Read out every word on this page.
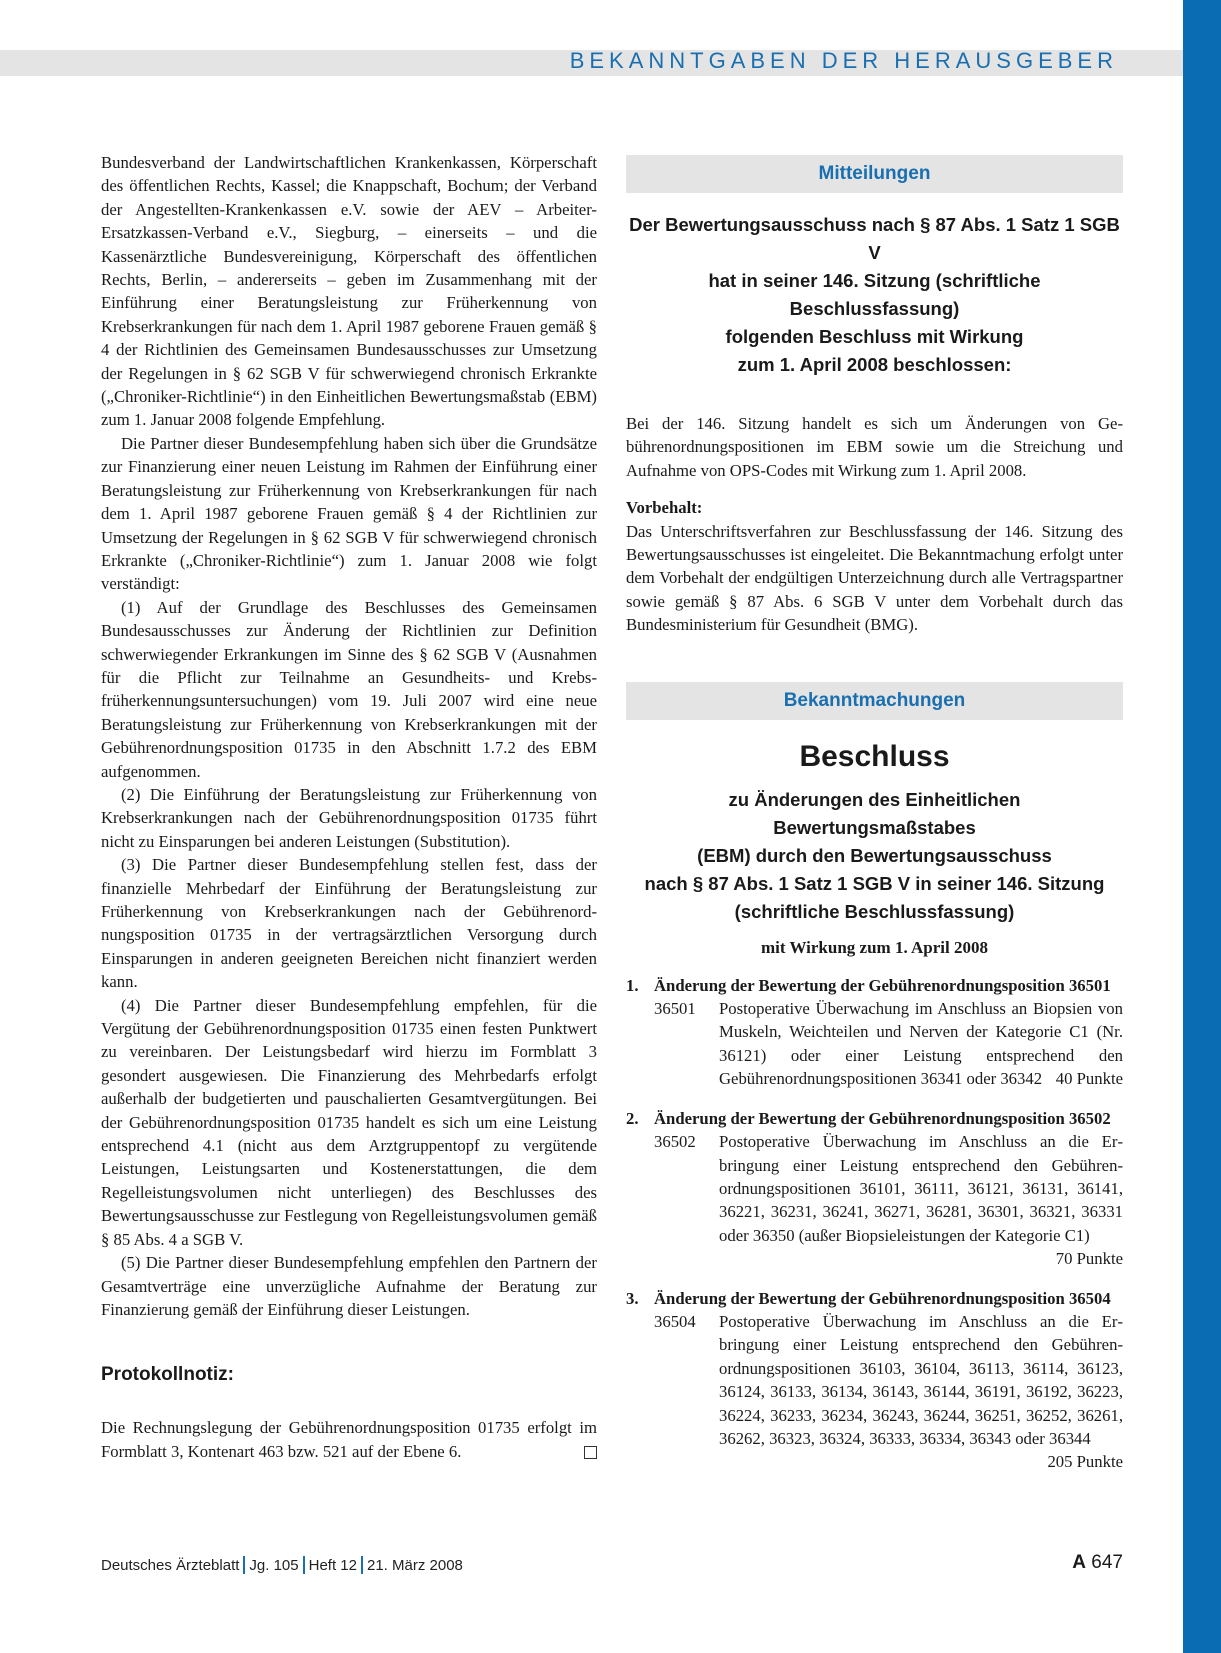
BEKANNTGABEN DER HERAUSGEBER

Bundesverband der Landwirtschaftlichen Krankenkassen, Körperschaft des öffentlichen Rechts, Kassel; die Knappschaft, Bochum; der Verband der Angestellten-Krankenkassen e.V. sowie der AEV – Arbeiter-Ersatzkassen-Verband e.V., Siegburg, – einerseits – und die Kassenärztliche Bundesvereinigung, Körperschaft des öffentlichen Rechts, Berlin, – andererseits – geben im Zusammenhang mit der Einführung einer Beratungsleistung zur Früherkennung von Krebserkrankungen für nach dem 1. April 1987 geborene Frauen gemäß § 4 der Richtlinien des Gemeinsamen Bundesausschusses zur Umsetzung der Regelungen in § 62 SGB V für schwerwiegend chronisch Erkrankte („Chroniker-Richtlinie“) in den Einheitlichen Bewertungsmaßstab (EBM) zum 1. Januar 2008 folgende Empfehlung.

Die Partner dieser Bundesempfehlung haben sich über die Grundsätze zur Finanzierung einer neuen Leistung im Rahmen der Einführung einer Beratungsleistung zur Früherkennung von Krebserkrankungen für nach dem 1. April 1987 geborene Frauen gemäß § 4 der Richtlinien zur Umsetzung der Regelungen in § 62 SGB V für schwerwiegend chronisch Erkrankte („Chroniker-Richtlinie“) zum 1. Januar 2008 wie folgt verständigt:

(1) Auf der Grundlage des Beschlusses des Gemeinsamen Bundesausschusses zur Änderung der Richtlinien zur Definition schwerwiegender Erkrankungen im Sinne des § 62 SGB V (Ausnahmen für die Pflicht zur Teilnahme an Gesundheits- und Krebsfrüherkennungsuntersuchungen) vom 19. Juli 2007 wird eine neue Beratungsleistung zur Früherkennung von Krebserkrankungen mit der Gebührenordnungsposition 01735 in den Abschnitt 1.7.2 des EBM aufgenommen.

(2) Die Einführung der Beratungsleistung zur Früherkennung von Krebserkrankungen nach der Gebührenordnungsposition 01735 führt nicht zu Einsparungen bei anderen Leistungen (Substitution).

(3) Die Partner dieser Bundesempfehlung stellen fest, dass der finanzielle Mehrbedarf der Einführung der Beratungsleistung zur Früherkennung von Krebserkrankungen nach der Gebührenordnungsposition 01735 in der vertragsärztlichen Versorgung durch Einsparungen in anderen geeigneten Bereichen nicht finanziert werden kann.

(4) Die Partner dieser Bundesempfehlung empfehlen, für die Vergütung der Gebührenordnungsposition 01735 einen festen Punktwert zu vereinbaren. Der Leistungsbedarf wird hierzu im Formblatt 3 gesondert ausgewiesen. Die Finanzierung des Mehrbedarfs erfolgt außerhalb der budgetierten und pauschalierten Gesamtvergütungen. Bei der Gebührenordnungsposition 01735 handelt es sich um eine Leistung entsprechend 4.1 (nicht aus dem Arztgruppentopf zu vergütende Leistungen, Leistungsarten und Kostenerstattungen, die dem Regelleistungsvolumen nicht unterliegen) des Beschlusses des Bewertungsausschusse zur Festlegung von Regelleistungsvolumen gemäß § 85 Abs. 4 a SGB V.

(5) Die Partner dieser Bundesempfehlung empfehlen den Partnern der Gesamtverträge eine unverzügliche Aufnahme der Beratung zur Finanzierung gemäß der Einführung dieser Leistungen.

Protokollnotiz:

Die Rechnungslegung der Gebührenordnungsposition 01735 erfolgt im Formblatt 3, Kontenart 463 bzw. 521 auf der Ebene 6.

Mitteilungen
Der Bewertungsausschuss nach § 87 Abs. 1 Satz 1 SGB V
hat in seiner 146. Sitzung (schriftliche Beschlussfassung)
folgenden Beschluss mit Wirkung
zum 1. April 2008 beschlossen:

Bei der 146. Sitzung handelt es sich um Änderungen von Gebührenordnungspositionen im EBM sowie um die Streichung und Aufnahme von OPS-Codes mit Wirkung zum 1. April 2008.

Vorbehalt:

Das Unterschriftsverfahren zur Beschlussfassung der 146. Sitzung des Bewertungsausschusses ist eingeleitet. Die Bekanntmachung erfolgt unter dem Vorbehalt der endgültigen Unterzeichnung durch alle Vertragspartner sowie gemäß § 87 Abs. 6 SGB V unter dem Vorbehalt durch das Bundesministerium für Gesundheit (BMG).

Bekanntmachungen
Beschluss
zu Änderungen des Einheitlichen Bewertungsmaßstabes
(EBM) durch den Bewertungsausschuss
nach § 87 Abs. 1 Satz 1 SGB V in seiner 146. Sitzung
(schriftliche Beschlussfassung)
mit Wirkung zum 1. April 2008
1. Änderung der Bewertung der Gebührenordnungsposition 36501
36501	Postoperative Überwachung im Anschluss an Biopsien von Muskeln, Weichteilen und Nerven der Kategorie C1 (Nr. 36121) oder einer Leistung entsprechend den Gebührenordnungspositionen 36341 oder 36342 40 Punkte
2. Änderung der Bewertung der Gebührenordnungsposition 36502
36502	Postoperative Überwachung im Anschluss an die Erbringung einer Leistung entsprechend den Gebührenordnungspositionen 36101, 36111, 36121, 36131, 36141, 36221, 36231, 36241, 36271, 36281, 36301, 36321, 36331 oder 36350 (außer Biopsieleistungen der Kategorie C1)
70 Punkte
3. Änderung der Bewertung der Gebührenordnungsposition 36504
36504	Postoperative Überwachung im Anschluss an die Erbringung einer Leistung entsprechend den Gebührenordnungspositionen 36103, 36104, 36113, 36114, 36123, 36124, 36133, 36134, 36143, 36144, 36191, 36192, 36223, 36224, 36233, 36234, 36243, 36244, 36251, 36252, 36261, 36262, 36323, 36324, 36333, 36334, 36343 oder 36344
205 Punkte
Deutsches Ärzteblatt Jg. 105 Heft 12 21. März 2008	A 647
